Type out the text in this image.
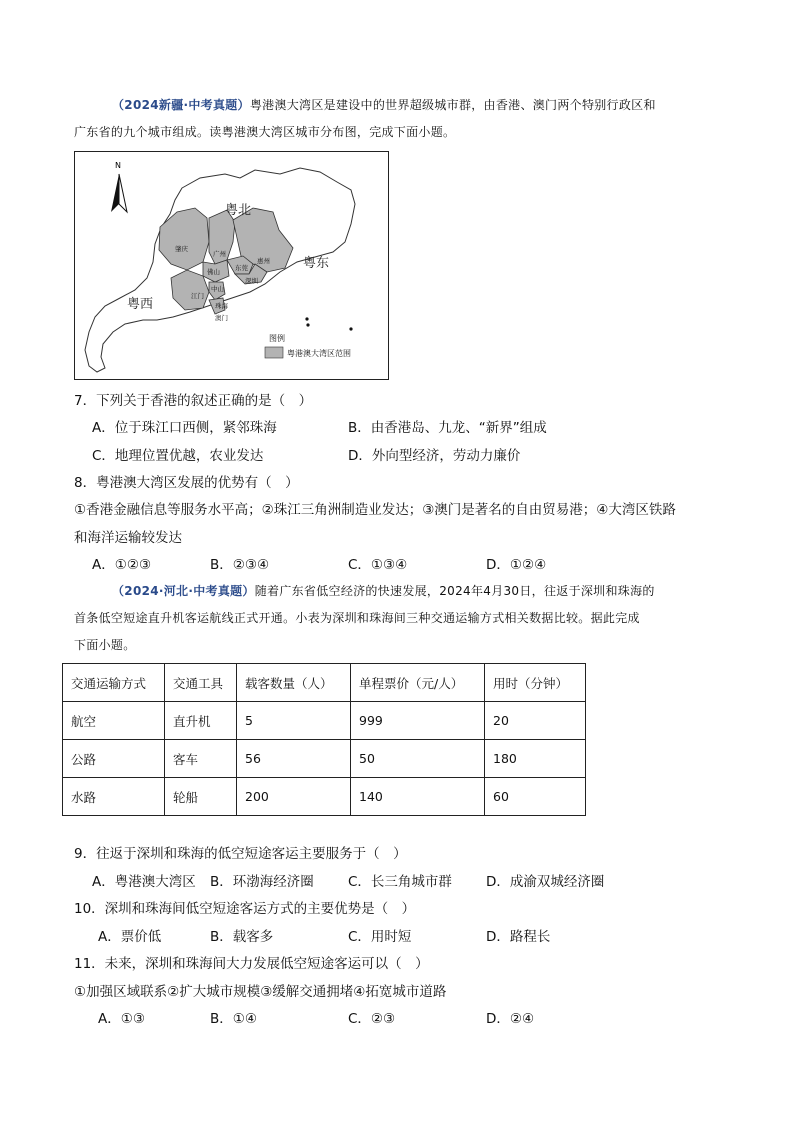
（2024新疆·中考真题）粤港澳大湾区是建设中的世界超级城市群，由香港、澳门两个特别行政区和
广东省的九个城市组成。读粤港澳大湾区城市分布图，完成下面小题。
N
粤北
粤东
粤西
肇庆
广州
佛山 东莞
惠州
中山
江门
深圳
珠海
澳门
图例
粤港澳大湾区范围
7．下列关于香港的叙述正确的是（　）
A．位于珠江口西侧，紧邻珠海	B．由香港岛、九龙、“新界”组成
C．地理位置优越，农业发达	D．外向型经济，劳动力廉价
8．粤港澳大湾区发展的优势有（　）
①香港金融信息等服务水平高；②珠江三角洲制造业发达；③澳门是著名的自由贸易港；④大湾区铁路
和海洋运输较发达
A．①②③	B．②③④	C．①③④	D．①②④
（2024·河北·中考真题）随着广东省低空经济的快速发展，2024年4月30日，往返于深圳和珠海的
首条低空短途直升机客运航线正式开通。小表为深圳和珠海间三种交通运输方式相关数据比较。据此完成
下面小题。
交通运输方式	交通工具	载客数量（人）	单程票价（元/人）	用时（分钟）
航空	直升机	5	999	20
公路	客车	56	50	180
水路	轮船	200	140	60
9．往返于深圳和珠海的低空短途客运主要服务于（　）
A．粤港澳大湾区 B．环渤海经济圈	C．长三角城市群	D．成渝双城经济圈
10．深圳和珠海间低空短途客运方式的主要优势是（　）
A．票价低	B．载客多	C．用时短	D．路程长
11．未来，深圳和珠海间大力发展低空短途客运可以（　）
①加强区域联系②扩大城市规模③缓解交通拥堵④拓宽城市道路
A．①③	B．①④	C．②③	D．②④
